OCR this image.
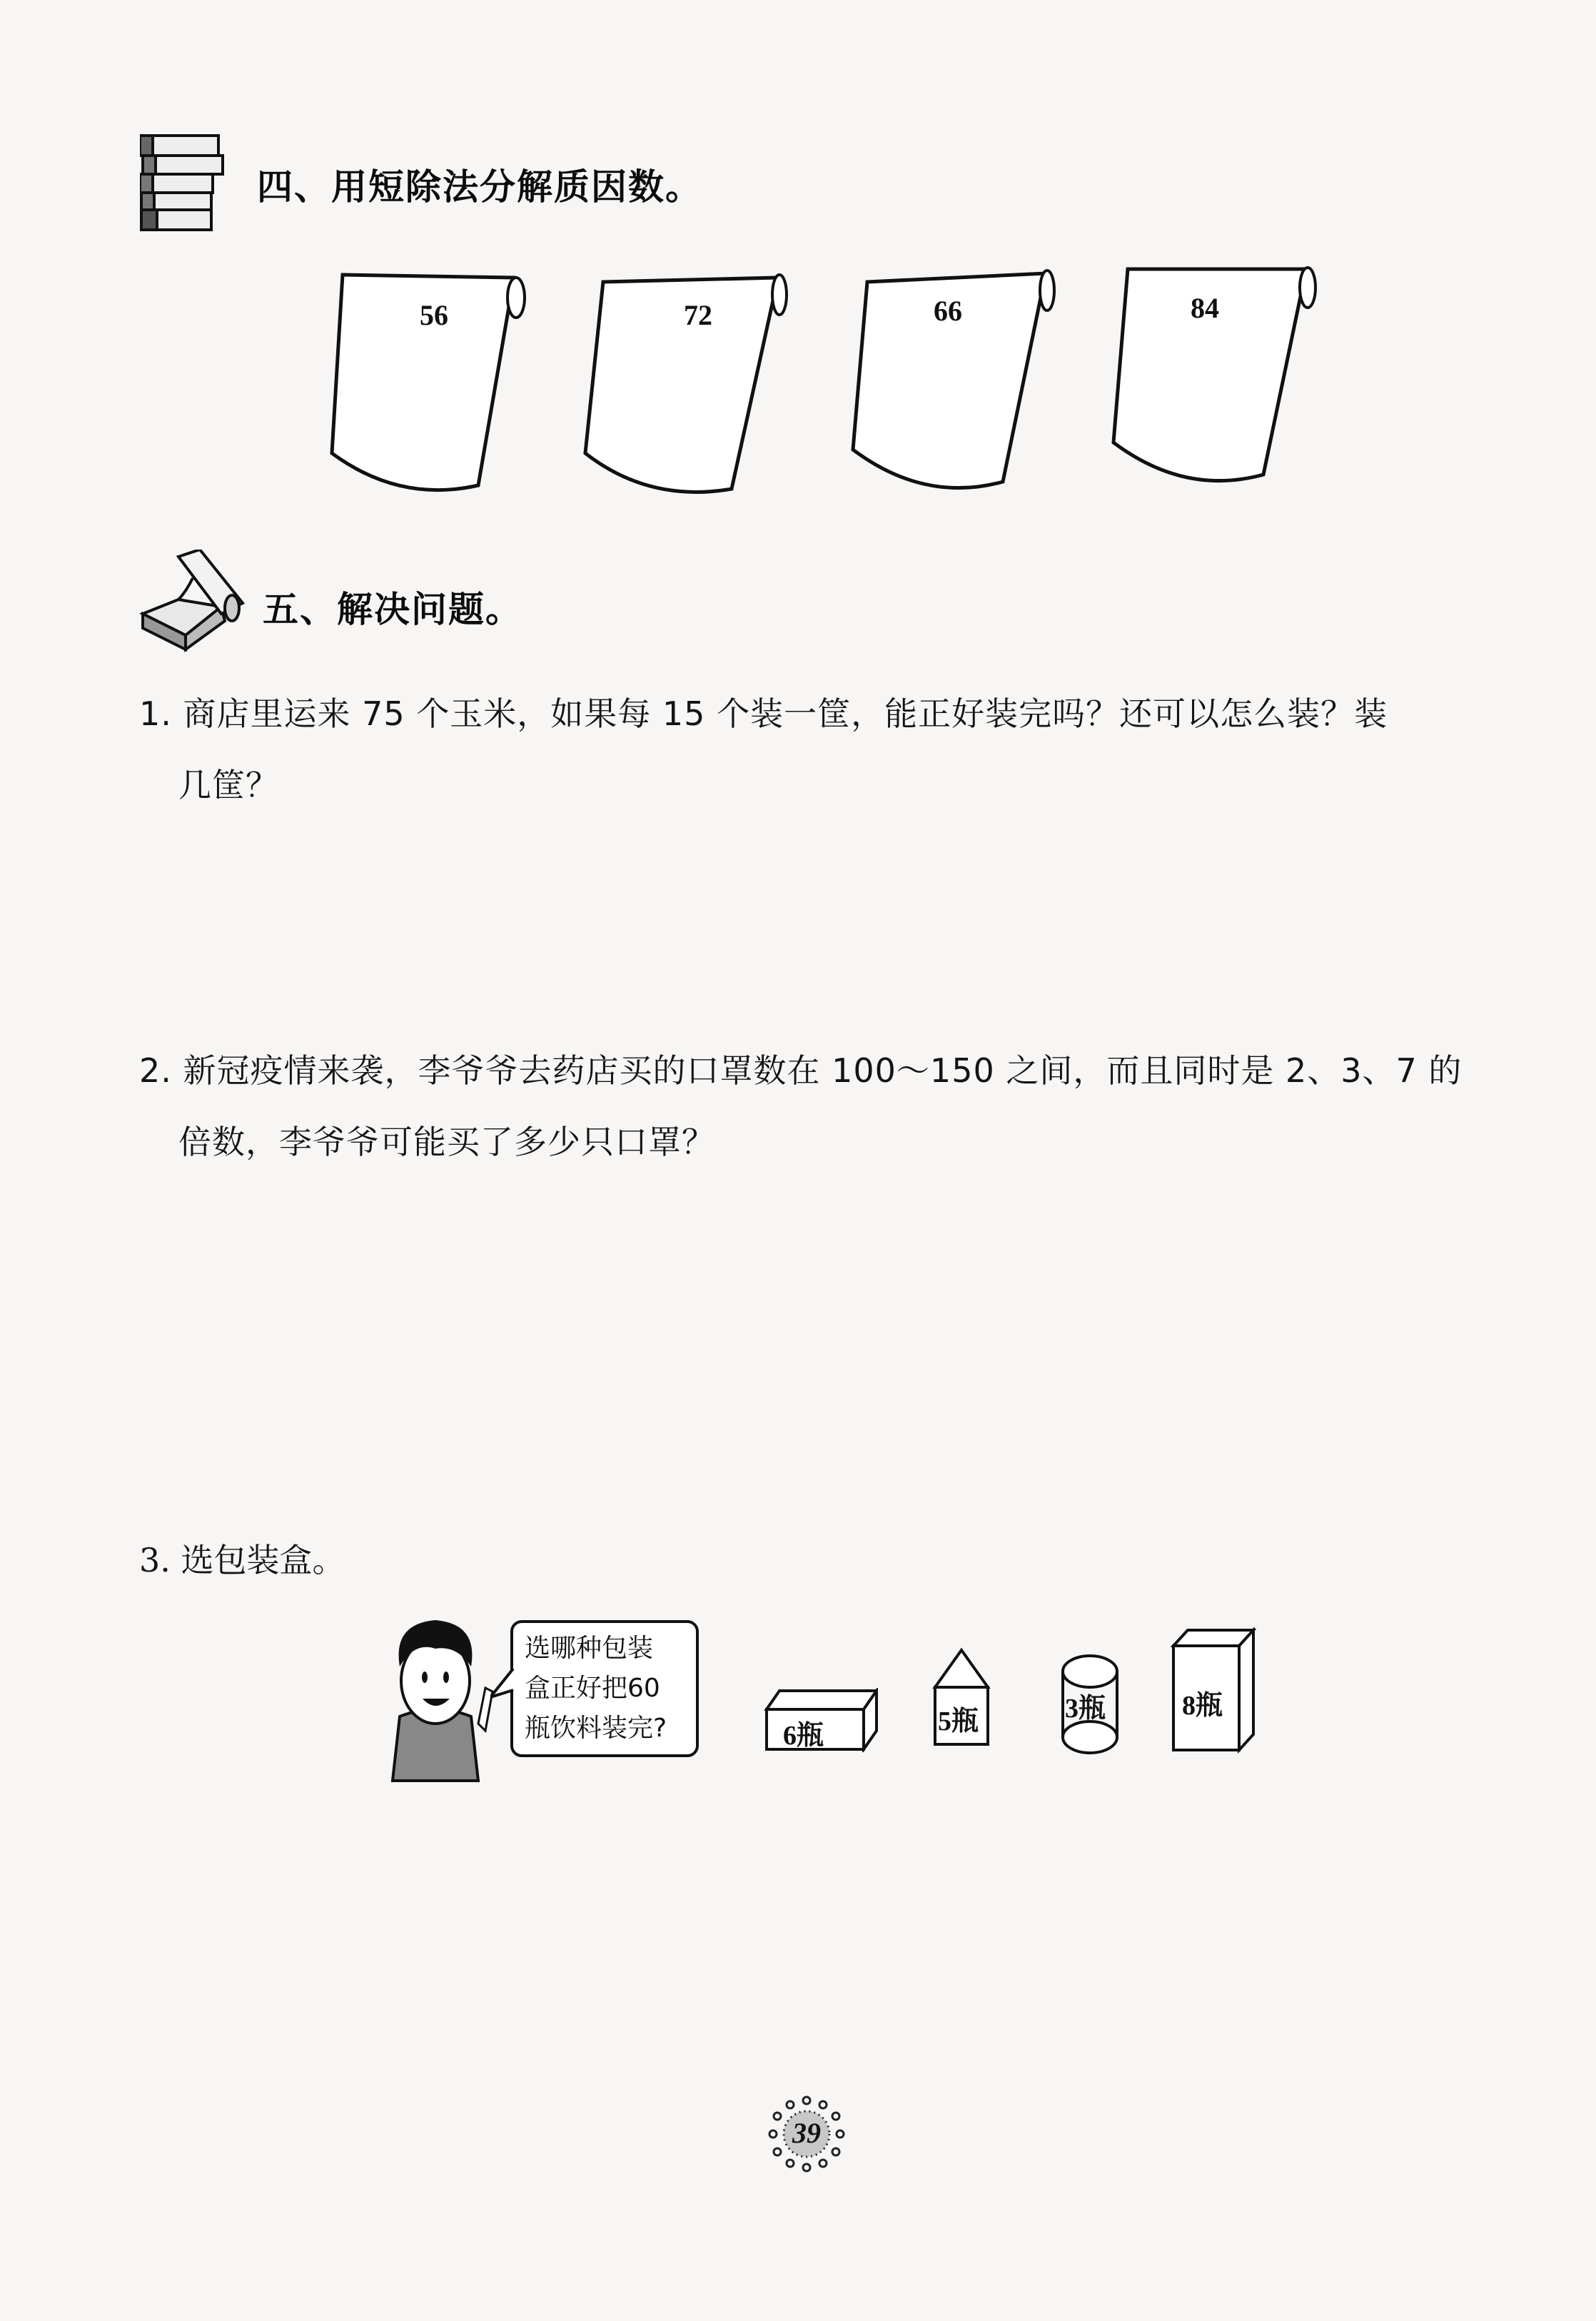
四、用短除法分解质因数。
56	72	66	84
五、解决问题。
1. 商店里运来 75 个玉米，如果每 15 个装一筐，能正好装完吗？还可以怎么装？装
几筐？
2. 新冠疫情来袭，李爷爷去药店买的口罩数在 100～150 之间，而且同时是 2、3、7 的
倍数，李爷爷可能买了多少只口罩？
3. 选包装盒。
选哪种包装
盒正好把60
瓶饮料装完?	6瓶	5瓶	3瓶	8瓶
39
